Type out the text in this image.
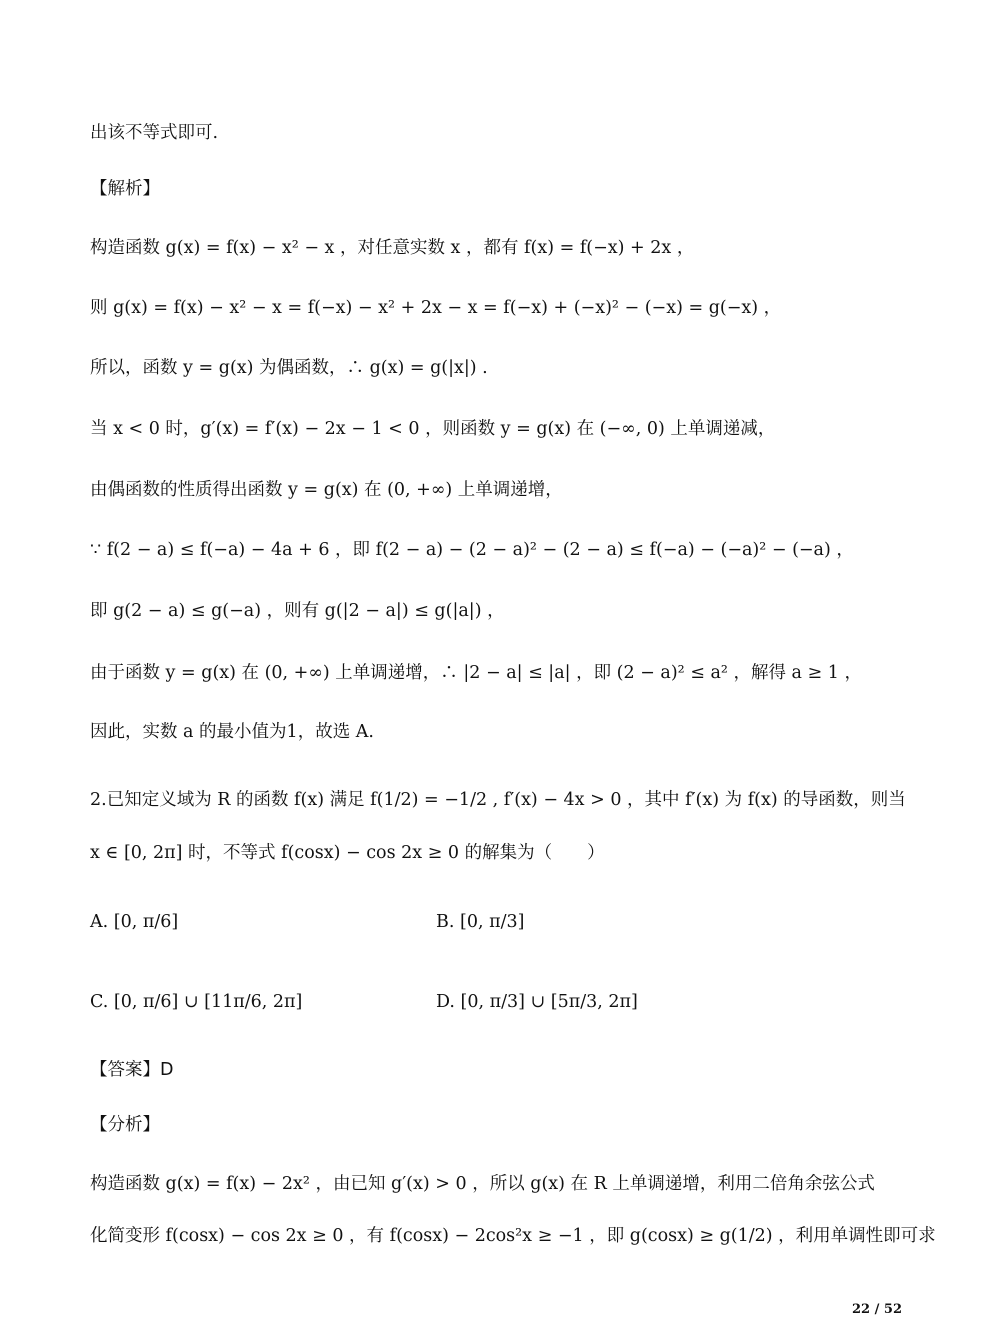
出该不等式即可.
【解析】
构造函数 g(x) = f(x) − x² − x ，对任意实数 x ，都有 f(x) = f(−x) + 2x ，
则 g(x) = f(x) − x² − x = f(−x) − x² + 2x − x = f(−x) + (−x)² − (−x) = g(−x) ，
所以，函数 y = g(x) 为偶函数，∴ g(x) = g(|x|) .
当 x < 0 时，g′(x) = f′(x) − 2x − 1 < 0 ，则函数 y = g(x) 在 (−∞, 0) 上单调递减，
由偶函数的性质得出函数 y = g(x) 在 (0, +∞) 上单调递增，
∵ f(2 − a) ≤ f(−a) − 4a + 6 ，即 f(2 − a) − (2 − a)² − (2 − a) ≤ f(−a) − (−a)² − (−a) ，
即 g(2 − a) ≤ g(−a) ，则有 g(|2 − a|) ≤ g(|a|) ，
由于函数 y = g(x) 在 (0, +∞) 上单调递增，∴ |2 − a| ≤ |a| ，即 (2 − a)² ≤ a² ，解得 a ≥ 1 ，
因此，实数 a 的最小值为1，故选 A.
2.已知定义域为 R 的函数 f(x) 满足 f(1/2) = −1/2 , f′(x) − 4x > 0 ，其中 f′(x) 为 f(x) 的导函数，则当
x ∈ [0, 2π] 时，不等式 f(cosx) − cos 2x ≥ 0 的解集为（　　）
A. [0, π/6]	B. [0, π/3]
C. [0, π/6] ∪ [11π/6, 2π]	D. [0, π/3] ∪ [5π/3, 2π]
【答案】D
【分析】
构造函数 g(x) = f(x) − 2x² ，由已知 g′(x) > 0 ，所以 g(x) 在 R 上单调递增，利用二倍角余弦公式
化简变形 f(cosx) − cos 2x ≥ 0 ，有 f(cosx) − 2cos²x ≥ −1 ，即 g(cosx) ≥ g(1/2) ，利用单调性即可求
22 / 52
